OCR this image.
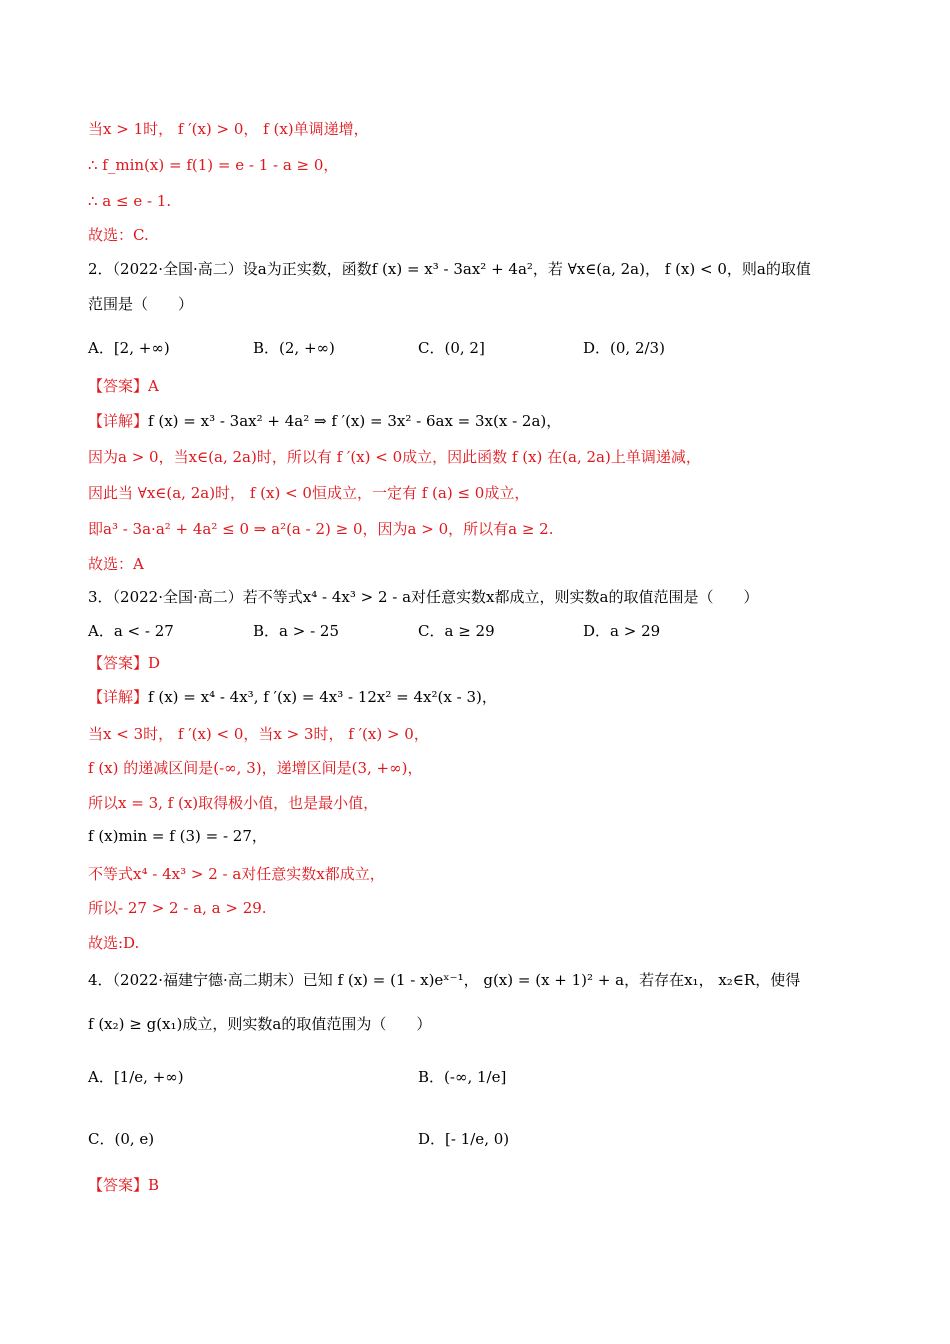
当x > 1时， f ′(x) > 0， f (x)单调递增，
∴ f_min(x) = f(1) = e - 1 - a ≥ 0，
∴ a ≤ e - 1.
故选：C.
2．（2022·全国·高二）设a为正实数，函数f (x) = x³ - 3ax² + 4a²，若 ∀x∈(a, 2a)， f (x) < 0，则a的取值
范围是（　　）
A．[2, +∞)	B．(2, +∞)	C．(0, 2]	D．(0, 2/3)
【答案】A
【详解】f (x) = x³ - 3ax² + 4a² ⇒ f ′(x) = 3x² - 6ax = 3x(x - 2a)，
因为a > 0，当x∈(a, 2a)时，所以有 f ′(x) < 0成立，因此函数 f (x) 在(a, 2a)上单调递减，
因此当 ∀x∈(a, 2a)时， f (x) < 0恒成立，一定有 f (a) ≤ 0成立，
即a³ - 3a·a² + 4a² ≤ 0 ⇒ a²(a - 2) ≥ 0，因为a > 0，所以有a ≥ 2.
故选：A
3．（2022·全国·高二）若不等式x⁴ - 4x³ > 2 - a对任意实数x都成立，则实数a的取值范围是（　　）
A．a < - 27	B．a > - 25	C．a ≥ 29	D．a > 29
【答案】D
【详解】f (x) = x⁴ - 4x³, f ′(x) = 4x³ - 12x² = 4x²(x - 3)，
当x < 3时， f ′(x) < 0，当x > 3时， f ′(x) > 0，
f (x) 的递减区间是(-∞, 3)，递增区间是(3, +∞)，
所以x = 3, f (x)取得极小值，也是最小值，
f (x)min = f (3) = - 27，
不等式x⁴ - 4x³ > 2 - a对任意实数x都成立，
所以- 27 > 2 - a, a > 29.
故选:D.
4．（2022·福建宁德·高二期末）已知 f (x) = (1 - x)eˣ⁻¹， g(x) = (x + 1)² + a，若存在x₁， x₂∈R，使得
f (x₂) ≥ g(x₁)成立，则实数a的取值范围为（　　）
A．[1/e, +∞)	B．(-∞, 1/e]
C．(0, e)	D．[- 1/e, 0)
【答案】B
